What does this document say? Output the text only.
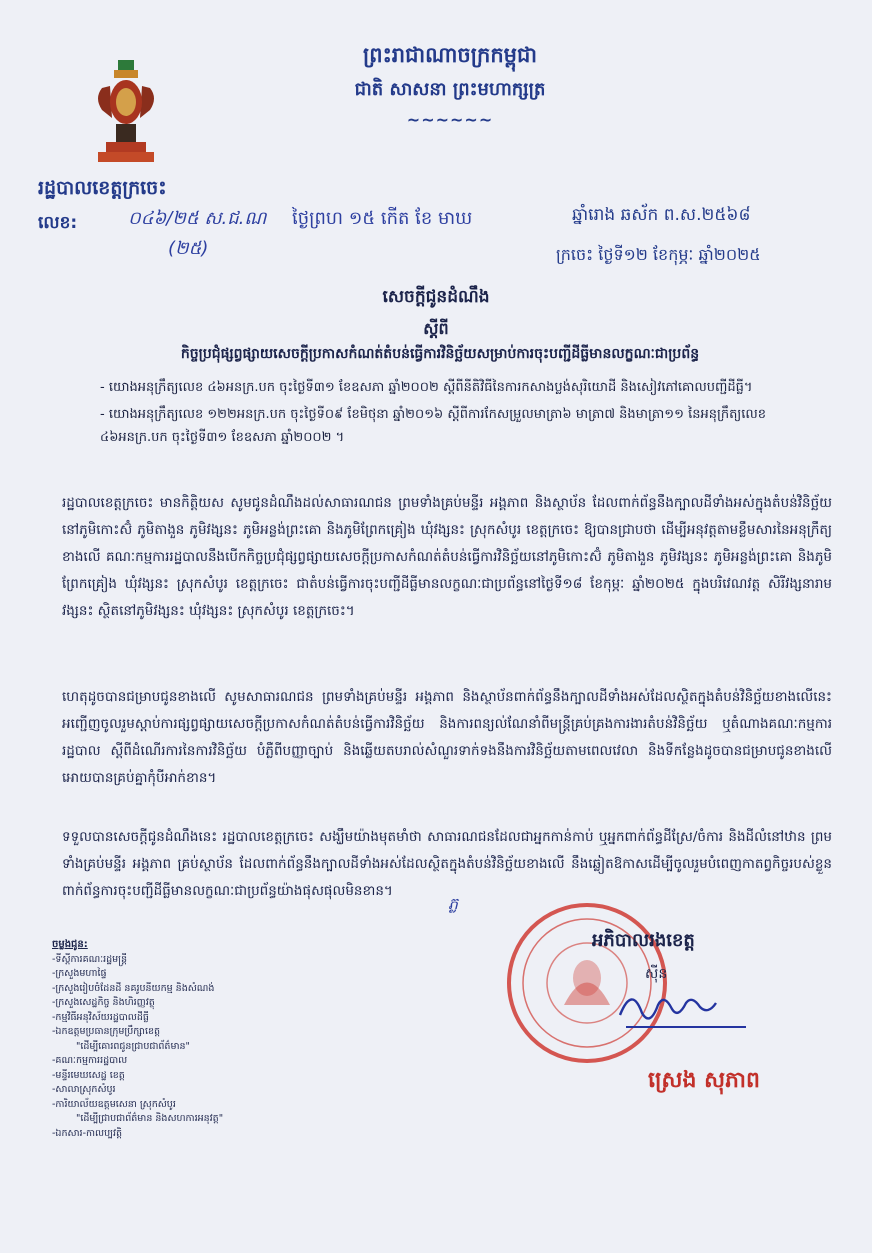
ព្រះរាជាណាចក្រកម្ពុជា
ជាតិ សាសនា ព្រះមហាក្សត្រ
~~~~~~
រដ្ឋបាលខេត្តក្រចេះ
លេខ:	០៤៦/២៥ ស.ជ.ណ
(២៥)
ថ្ងៃព្រហ ១៥ កើត ខែ មាឃ	ឆ្នាំរោង ឆស័ក ព.ស.២៥៦៨
ក្រចេះ ថ្ងៃទី១២ ខែកុម្ភៈ ឆ្នាំ២០២៥
សេចក្តីជូនដំណឹង
ស្តីពី
កិច្ចប្រជុំផ្សព្វផ្សាយសេចក្តីប្រកាសកំណត់តំបន់ធ្វើការវិនិច្ឆ័យសម្រាប់ការចុះបញ្ជីដីធ្លីមានលក្ខណៈជាប្រព័ន្ធ
- យោងអនុក្រឹត្យលេខ ៤៦អនក្រ.បក ចុះថ្ងៃទី៣១ ខែឧសភា ឆ្នាំ២០០២ ស្តីពីនីតិវិធីនៃការកសាងប្លង់សុរិយោដី និងសៀវភៅគោលបញ្ជីដីធ្លី។
- យោងអនុក្រឹត្យលេខ ១២២អនក្រ.បក ចុះថ្ងៃទី០៩ ខែមិថុនា ឆ្នាំ២០១៦ ស្តីពីការកែសម្រួលមាត្រា៦ មាត្រា៧ និងមាត្រា១១ នៃអនុក្រឹត្យលេខ ៤៦អនក្រ.បក ចុះថ្ងៃទី៣១ ខែឧសភា ឆ្នាំ២០០២ ។
រដ្ឋបាលខេត្តក្រចេះ មានកិត្តិយស សូមជូនដំណឹងដល់សាធារណជន ព្រមទាំងគ្រប់មន្ទីរ អង្គភាព និងស្ថាប័ន ដែលពាក់ព័ន្ធនឹងក្បាលដីទាំងអស់ក្នុងតំបន់វិនិច្ឆ័យនៅភូមិកោះស៊ំ ភូមិតាងួន ភូមិវង្សនះ ភូមិអន្លង់ព្រះគោ និងភូមិព្រែកគ្រៀង ឃុំវង្សនះ ស្រុកសំបូរ ខេត្តក្រចេះ ឱ្យបានជ្រាបថា ដើម្បីអនុវត្តតាមខ្លឹមសារនៃអនុក្រឹត្យខាងលើ គណៈកម្មការរដ្ឋបាលនឹងបើកកិច្ចប្រជុំផ្សព្វផ្សាយសេចក្តីប្រកាសកំណត់តំបន់ធ្វើការវិនិច្ឆ័យនៅភូមិកោះស៊ំ ភូមិតាងួន ភូមិវង្សនះ ភូមិអន្លង់ព្រះគោ និងភូមិព្រែកគ្រៀង ឃុំវង្សនះ ស្រុកសំបូរ ខេត្តក្រចេះ ជាតំបន់ធ្វើការចុះបញ្ជីដីធ្លីមានលក្ខណៈជាប្រព័ន្ធនៅថ្ងៃទី១៨ ខែកុម្ភៈ ឆ្នាំ២០២៥ ក្នុងបរិវេណវត្ត សិរីវង្សនារាម វង្សនះ ស្ថិតនៅភូមិវង្សនះ ឃុំវង្សនះ ស្រុកសំបូរ ខេត្តក្រចេះ។
ហេតុដូចបានជម្រាបជូនខាងលើ សូមសាធារណជន ព្រមទាំងគ្រប់មន្ទីរ អង្គភាព និងស្ថាប័នពាក់ព័ន្ធនឹងក្បាលដីទាំងអស់ដែលស្ថិតក្នុងតំបន់វិនិច្ឆ័យខាងលើនេះ អញ្ជើញចូលរួមស្តាប់ការផ្សព្វផ្សាយសេចក្តីប្រកាសកំណត់តំបន់ធ្វើការវិនិច្ឆ័យ និងការពន្យល់ណែនាំពីមន្ត្រីគ្រប់គ្រងការងារតំបន់វិនិច្ឆ័យ ឬតំណាងគណៈកម្មការរដ្ឋបាល ស្តីពីដំណើរការនៃការវិនិច្ឆ័យ បំភ្លឺពីបញ្ញាច្បាប់ និងឆ្លើយតបរាល់សំណួរទាក់ទងនឹងការវិនិច្ឆ័យតាមពេលវេលា និងទីកន្លែងដូចបានជម្រាបជូនខាងលើអោយបានគ្រប់គ្នាកុំបីអាក់ខាន។
ទទួលបានសេចក្តីជូនដំណឹងនេះ រដ្ឋបាលខេត្តក្រចេះ សង្ឃឹមយ៉ាងមុតមាំថា សាធារណជនដែលជាអ្នកកាន់កាប់ ឬអ្នកពាក់ព័ន្ធដីស្រែ/ចំការ និងដីលំនៅឋាន ព្រមទាំងគ្រប់មន្ទីរ អង្គភាព គ្រប់ស្ថាប័ន ដែលពាក់ព័ន្ធនឹងក្បាលដីទាំងអស់ដែលស្ថិតក្នុងតំបន់វិនិច្ឆ័យខាងលើ នឹងឆ្លៀតឱកាសដើម្បីចូលរួមបំពេញកាតព្វកិច្ចរបស់ខ្លួនពាក់ព័ន្ធការចុះបញ្ជីដីធ្លីមានលក្ខណៈជាប្រព័ន្ធយ៉ាងផុសផុលមិនខាន។
ភ្ល
ចម្លងជូន:
-ទីស្តីការគណៈរដ្ឋមន្ត្រី
-ក្រសួងមហាផ្ទៃ
-ក្រសួងរៀបចំដែនដី នគរូបនីយកម្ម និងសំណង់
-ក្រសួងសេដ្ឋកិច្ច និងហិរញ្ញវត្ថុ
-កម្មវិធីអនុវិស័យរដ្ឋបាលដីធ្លី
-ឯកឧត្តមប្រធានក្រុមប្រឹក្សាខេត្ត
"ដើម្បីគោរពជូនជ្រាបជាព័ត៌មាន"
-គណៈកម្មការរដ្ឋបាល
-មន្ទីរមេឃសេដ្ឋ ខេត្ត
-សាលាស្រុកសំបូរ
-ការិយាល័យឧត្តមសេនា ស្រុកសំបូរ
"ដើម្បីជ្រាបជាព័ត៌មាន និងសហការអនុវត្ត"
-ឯកសារ-កាលប្បវត្តិ
អភិបាលរងខេត្ត
ស៊ីន
ស្រេង សុភាព
